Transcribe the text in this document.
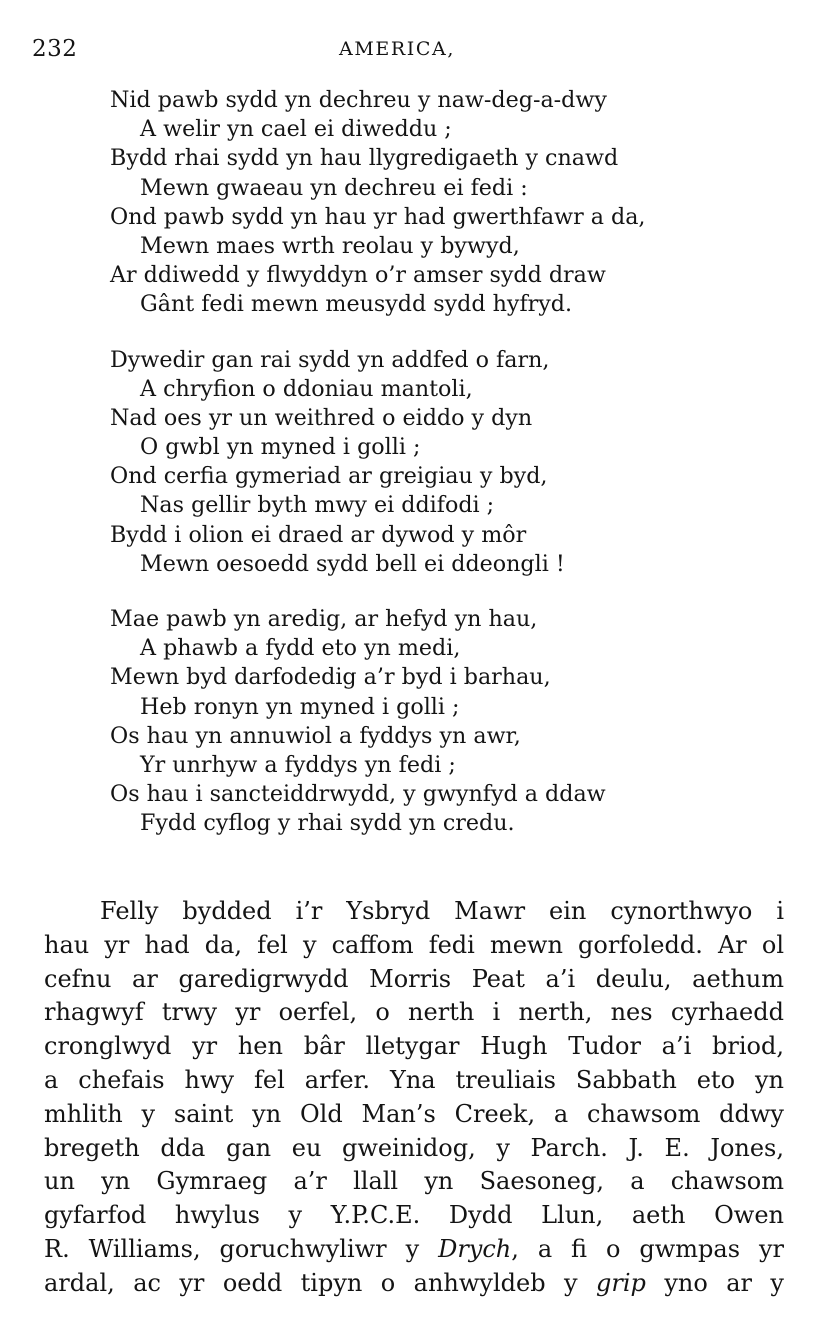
232	AMERICA,
Nid pawb sydd yn dechreu y naw-deg-a-dwy
A welir yn cael ei diweddu ;
Bydd rhai sydd yn hau llygredigaeth y cnawd
Mewn gwaeau yn dechreu ei fedi :
Ond pawb sydd yn hau yr had gwerthfawr a da,
Mewn maes wrth reolau y bywyd,
Ar ddiwedd y flwyddyn o’r amser sydd draw
Gânt fedi mewn meusydd sydd hyfryd.
Dywedir gan rai sydd yn addfed o farn,
A chryfion o ddoniau mantoli,
Nad oes yr un weithred o eiddo y dyn
O gwbl yn myned i golli ;
Ond cerfia gymeriad ar greigiau y byd,
Nas gellir byth mwy ei ddifodi ;
Bydd i olion ei draed ar dywod y môr
Mewn oesoedd sydd bell ei ddeongli !
Mae pawb yn aredig, ar hefyd yn hau,
A phawb a fydd eto yn medi,
Mewn byd darfodedig a’r byd i barhau,
Heb ronyn yn myned i golli ;
Os hau yn annuwiol a fyddys yn awr,
Yr unrhyw a fyddys yn fedi ;
Os hau i sancteiddrwydd, y gwynfyd a ddaw
Fydd cyflog y rhai sydd yn credu.
Felly bydded i’r Ysbryd Mawr ein cynorthwyo i
hau yr had da, fel y caffom fedi mewn gorfoledd. Ar ol
cefnu ar garedigrwydd Morris Peat a’i deulu, aethum
rhagwyf trwy yr oerfel, o nerth i nerth, nes cyrhaedd
cronglwyd yr hen bâr lletygar Hugh Tudor a’i briod,
a chefais hwy fel arfer. Yna treuliais Sabbath eto yn
mhlith y saint yn Old Man’s Creek, a chawsom ddwy
bregeth dda gan eu gweinidog, y Parch. J. E. Jones,
un yn Gymraeg a’r llall yn Saesoneg, a chawsom
gyfarfod hwylus y Y.P.C.E. Dydd Llun, aeth Owen
R. Williams, goruchwyliwr y Drych, a fi o gwmpas yr
ardal, ac yr oedd tipyn o anhwyldeb y grip yno ar y
